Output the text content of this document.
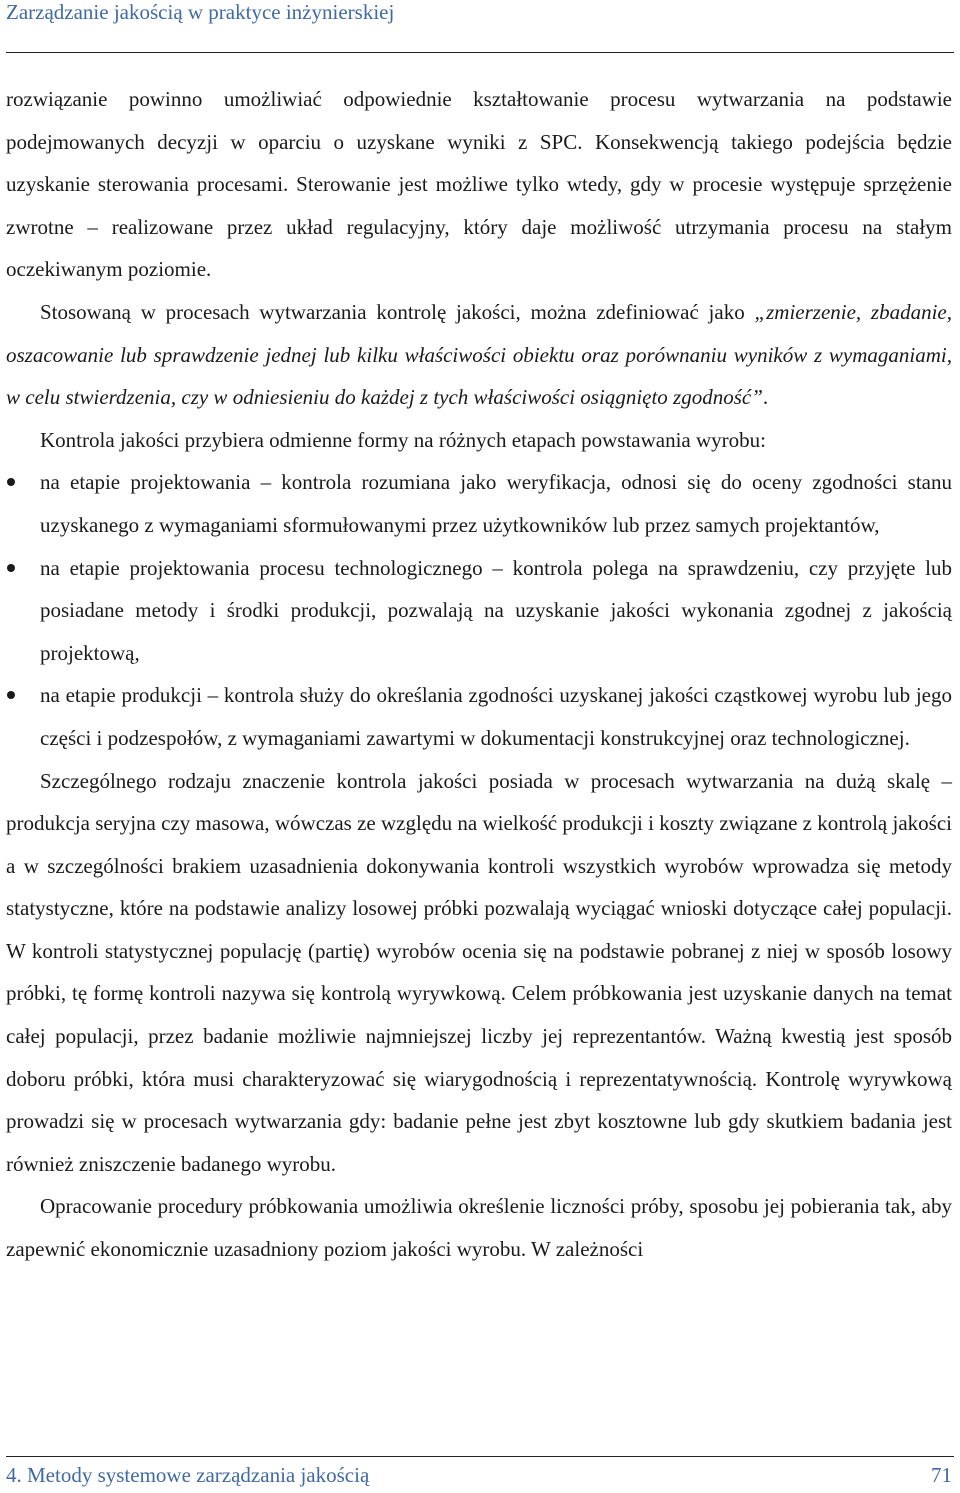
Zarządzanie jakością w praktyce inżynierskiej

rozwiązanie powinno umożliwiać odpowiednie kształtowanie procesu wytwarzania na podstawie podejmowanych decyzji w oparciu o uzyskane wyniki z SPC. Konsekwencją takiego podejścia będzie uzyskanie sterowania procesami. Sterowanie jest możliwe tylko wtedy, gdy w procesie występuje sprzężenie zwrotne – realizowane przez układ regulacyjny, który daje możliwość utrzymania procesu na stałym oczekiwanym poziomie.

Stosowaną w procesach wytwarzania kontrolę jakości, można zdefiniować jako „zmierzenie, zbadanie, oszacowanie lub sprawdzenie jednej lub kilku właściwości obiektu oraz porównaniu wyników z wymaganiami, w celu stwierdzenia, czy w odniesieniu do każdej z tych właściwości osiągnięto zgodność”.

Kontrola jakości przybiera odmienne formy na różnych etapach powstawania wyrobu:

na etapie projektowania – kontrola rozumiana jako weryfikacja, odnosi się do oceny zgodności stanu uzyskanego z wymaganiami sformułowanymi przez użytkowników lub przez samych projektantów,
na etapie projektowania procesu technologicznego – kontrola polega na sprawdzeniu, czy przyjęte lub posiadane metody i środki produkcji, pozwalają na uzyskanie jakości wykonania zgodnej z jakością projektową,
na etapie produkcji – kontrola służy do określania zgodności uzyskanej jakości cząstkowej wyrobu lub jego części i podzespołów, z wymaganiami zawartymi w dokumentacji konstrukcyjnej oraz technologicznej.

Szczególnego rodzaju znaczenie kontrola jakości posiada w procesach wytwarzania na dużą skalę – produkcja seryjna czy masowa, wówczas ze względu na wielkość produkcji i koszty związane z kontrolą jakości a w szczególności brakiem uzasadnienia dokonywania kontroli wszystkich wyrobów wprowadza się metody statystyczne, które na podstawie analizy losowej próbki pozwalają wyciągać wnioski dotyczące całej populacji. W kontroli statystycznej populację (partię) wyrobów ocenia się na podstawie pobranej z niej w sposób losowy próbki, tę formę kontroli nazywa się kontrolą wyrywkową. Celem próbkowania jest uzyskanie danych na temat całej populacji, przez badanie możliwie najmniejszej liczby jej reprezentantów. Ważną kwestią jest sposób doboru próbki, która musi charakteryzować się wiarygodnością i reprezentatywnością. Kontrolę wyrywkową prowadzi się w procesach wytwarzania gdy: badanie pełne jest zbyt kosztowne lub gdy skutkiem badania jest również zniszczenie badanego wyrobu.

Opracowanie procedury próbkowania umożliwia określenie liczności próby, sposobu jej pobierania tak, aby zapewnić ekonomicznie uzasadniony poziom jakości wyrobu. W zależności

4. Metody systemowe zarządzania jakością	71
